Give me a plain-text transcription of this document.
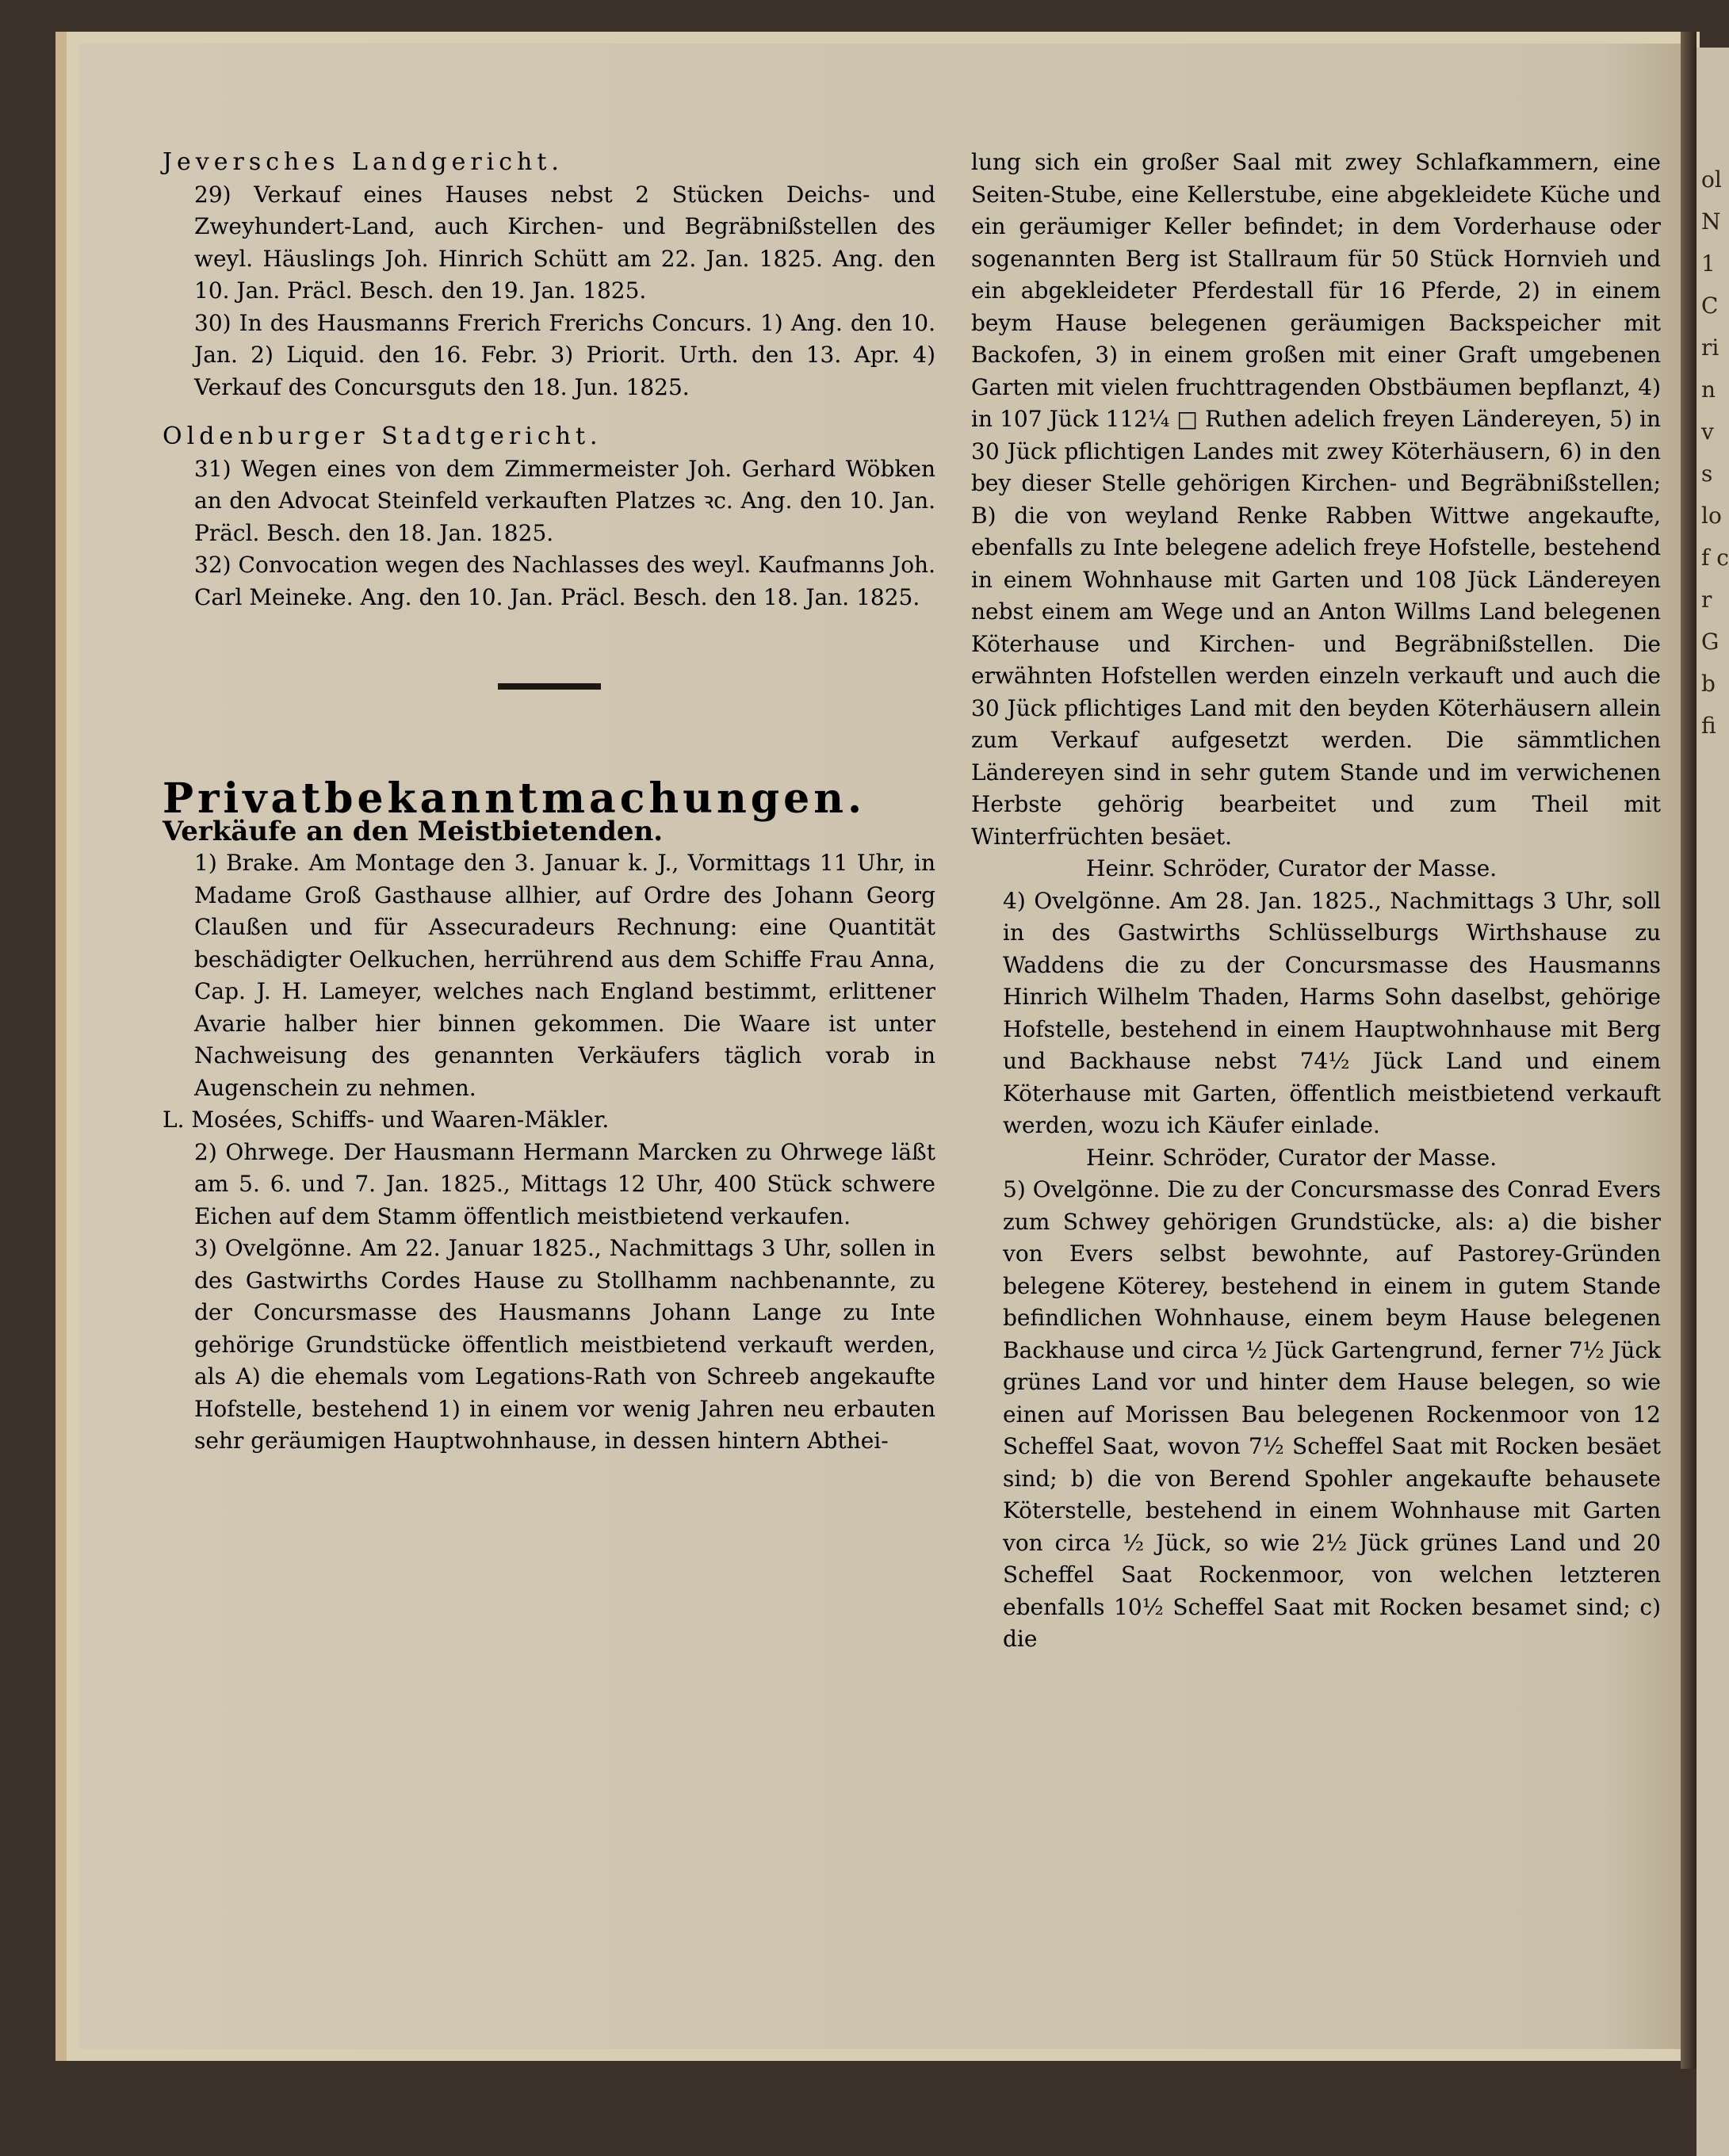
ol N 1 C ri n v s lo f c r G b fi

Jeversches Landgericht.

29) Verkauf eines Hauses nebst 2 Stücken Deichs- und Zweyhundert-Land, auch Kirchen- und Begräbnißstellen des weyl. Häuslings Joh. Hinrich Schütt am 22. Jan. 1825. Ang. den 10. Jan. Präcl. Besch. den 19. Jan. 1825.

30) In des Hausmanns Frerich Frerichs Concurs. 1) Ang. den 10. Jan. 2) Liquid. den 16. Febr. 3) Priorit. Urth. den 13. Apr. 4) Verkauf des Concursguts den 18. Jun. 1825.

Oldenburger Stadtgericht.

31) Wegen eines von dem Zimmermeister Joh. Gerhard Wöbken an den Advocat Steinfeld verkauften Platzes ꝛc. Ang. den 10. Jan. Präcl. Besch. den 18. Jan. 1825.

32) Convocation wegen des Nachlasses des weyl. Kaufmanns Joh. Carl Meineke. Ang. den 10. Jan. Präcl. Besch. den 18. Jan. 1825.

Privatbekanntmachungen.

Verkäufe an den Meistbietenden.

1) Brake. Am Montage den 3. Januar k. J., Vormittags 11 Uhr, in Madame Groß Gasthause allhier, auf Ordre des Johann Georg Claußen und für Assecuradeurs Rechnung: eine Quantität beschädigter Oelkuchen, herrührend aus dem Schiffe Frau Anna, Cap. J. H. Lameyer, welches nach England bestimmt, erlittener Avarie halber hier binnen gekommen. Die Waare ist unter Nachweisung des genannten Verkäufers täglich vorab in Augenschein zu nehmen.

L. Mosées, Schiffs- und Waaren-Mäkler.

2) Ohrwege. Der Hausmann Hermann Marcken zu Ohrwege läßt am 5. 6. und 7. Jan. 1825., Mittags 12 Uhr, 400 Stück schwere Eichen auf dem Stamm öffentlich meistbietend verkaufen.

3) Ovelgönne. Am 22. Januar 1825., Nachmittags 3 Uhr, sollen in des Gastwirths Cordes Hause zu Stollhamm nachbenannte, zu der Concursmasse des Hausmanns Johann Lange zu Inte gehörige Grundstücke öffentlich meistbietend verkauft werden, als A) die ehemals vom Legations-Rath von Schreeb angekaufte Hofstelle, bestehend 1) in einem vor wenig Jahren neu erbauten sehr geräumigen Hauptwohnhause, in dessen hintern Abthei-

lung sich ein großer Saal mit zwey Schlafkammern, eine Seiten-Stube, eine Kellerstube, eine abgekleidete Küche und ein geräumiger Keller befindet; in dem Vorderhause oder sogenannten Berg ist Stallraum für 50 Stück Hornvieh und ein abgekleideter Pferdestall für 16 Pferde, 2) in einem beym Hause belegenen geräumigen Backspeicher mit Backofen, 3) in einem großen mit einer Graft umgebenen Garten mit vielen fruchttragenden Obstbäumen bepflanzt, 4) in 107 Jück 112¼ □ Ruthen adelich freyen Ländereyen, 5) in 30 Jück pflichtigen Landes mit zwey Köterhäusern, 6) in den bey dieser Stelle gehörigen Kirchen- und Begräbnißstellen; B) die von weyland Renke Rabben Wittwe angekaufte, ebenfalls zu Inte belegene adelich freye Hofstelle, bestehend in einem Wohnhause mit Garten und 108 Jück Ländereyen nebst einem am Wege und an Anton Willms Land belegenen Köterhause und Kirchen- und Begräbnißstellen. Die erwähnten Hofstellen werden einzeln verkauft und auch die 30 Jück pflichtiges Land mit den beyden Köterhäusern allein zum Verkauf aufgesetzt werden. Die sämmtlichen Ländereyen sind in sehr gutem Stande und im verwichenen Herbste gehörig bearbeitet und zum Theil mit Winterfrüchten besäet.

Heinr. Schröder, Curator der Masse.

4) Ovelgönne. Am 28. Jan. 1825., Nachmittags 3 Uhr, soll in des Gastwirths Schlüsselburgs Wirthshause zu Waddens die zu der Concursmasse des Hausmanns Hinrich Wilhelm Thaden, Harms Sohn daselbst, gehörige Hofstelle, bestehend in einem Hauptwohnhause mit Berg und Backhause nebst 74½ Jück Land und einem Köterhause mit Garten, öffentlich meistbietend verkauft werden, wozu ich Käufer einlade.

Heinr. Schröder, Curator der Masse.

5) Ovelgönne. Die zu der Concursmasse des Conrad Evers zum Schwey gehörigen Grundstücke, als: a) die bisher von Evers selbst bewohnte, auf Pastorey-Gründen belegene Köterey, bestehend in einem in gutem Stande befindlichen Wohnhause, einem beym Hause belegenen Backhause und circa ½ Jück Gartengrund, ferner 7½ Jück grünes Land vor und hinter dem Hause belegen, so wie einen auf Morissen Bau belegenen Rockenmoor von 12 Scheffel Saat, wovon 7½ Scheffel Saat mit Rocken besäet sind; b) die von Berend Spohler angekaufte behausete Köterstelle, bestehend in einem Wohnhause mit Garten von circa ½ Jück, so wie 2½ Jück grünes Land und 20 Scheffel Saat Rockenmoor, von welchen letzteren ebenfalls 10½ Scheffel Saat mit Rocken besamet sind; c) die
